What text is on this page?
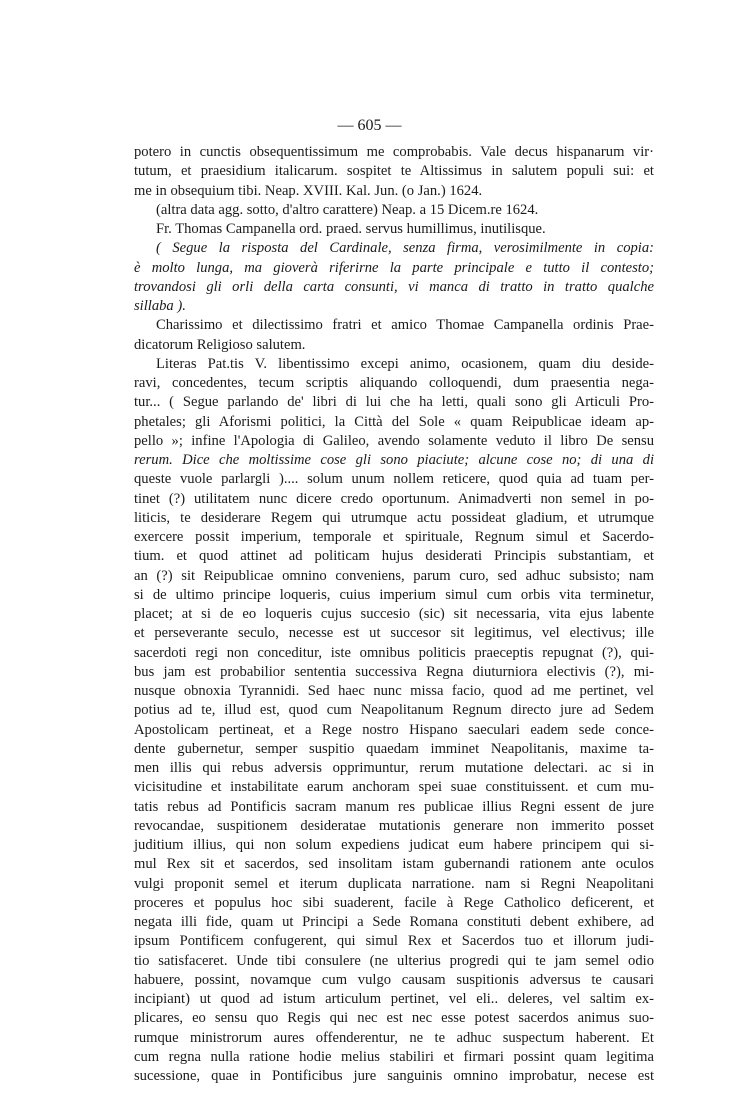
— 605 —
potero in cunctis obsequentissimum me comprobabis. Vale decus hispanarum vir·
tutum, et praesidium italicarum. sospitet te Altissimus in salutem populi sui: et
me in obsequium tibi. Neap. XVIII. Kal. Jun. (o Jan.) 1624.
(altra data agg. sotto, d'altro carattere) Neap. a 15 Dicem.re 1624.
Fr. Thomas Campanella ord. praed. servus humillimus, inutilisque.
( Segue la risposta del Cardinale, senza firma, verosimilmente in copia:
è molto lunga, ma gioverà riferirne la parte principale e tutto il contesto;
trovandosi gli orli della carta consunti, vi manca di tratto in tratto qualche
sillaba ).
Charissimo et dilectissimo fratri et amico Thomae Campanella ordinis Prae-
dicatorum Religioso salutem.
Literas Pat.tis V. libentissimo excepi animo, ocasionem, quam diu deside-
ravi, concedentes, tecum scriptis aliquando colloquendi, dum praesentia nega-
tur... ( Segue parlando de' libri di lui che ha letti, quali sono gli Articuli Pro-
phetales; gli Aforismi politici, la Città del Sole « quam Reipublicae ideam ap-
pello »; infine l'Apologia di Galileo, avendo solamente veduto il libro De sensu
rerum. Dice che moltissime cose gli sono piaciute; alcune cose no; di una di
queste vuole parlargli ).... solum unum nollem reticere, quod quia ad tuam per-
tinet (?) utilitatem nunc dicere credo oportunum. Animadverti non semel in po-
liticis, te desiderare Regem qui utrumque actu possideat gladium, et utrumque
exercere possit imperium, temporale et spirituale, Regnum simul et Sacerdo-
tium. et quod attinet ad politicam hujus desiderati Principis substantiam, et
an (?) sit Reipublicae omnino conveniens, parum curo, sed adhuc subsisto; nam
si de ultimo principe loqueris, cuius imperium simul cum orbis vita terminetur,
placet; at si de eo loqueris cujus succesio (sic) sit necessaria, vita ejus labente
et perseverante seculo, necesse est ut succesor sit legitimus, vel electivus; ille
sacerdoti regi non conceditur, iste omnibus politicis praeceptis repugnat (?), qui-
bus jam est probabilior sententia successiva Regna diuturniora electivis (?), mi-
nusque obnoxia Tyrannidi. Sed haec nunc missa facio, quod ad me pertinet, vel
potius ad te, illud est, quod cum Neapolitanum Regnum directo jure ad Sedem
Apostolicam pertineat, et a Rege nostro Hispano saeculari eadem sede conce-
dente gubernetur, semper suspitio quaedam imminet Neapolitanis, maxime ta-
men illis qui rebus adversis opprimuntur, rerum mutatione delectari. ac si in
vicisitudine et instabilitate earum anchoram spei suae constituissent. et cum mu-
tatis rebus ad Pontificis sacram manum res publicae illius Regni essent de jure
revocandae, suspitionem desideratae mutationis generare non immerito posset
juditium illius, qui non solum expediens judicat eum habere principem qui si-
mul Rex sit et sacerdos, sed insolitam istam gubernandi rationem ante oculos
vulgi proponit semel et iterum duplicata narratione. nam si Regni Neapolitani
proceres et populus hoc sibi suaderent, facile à Rege Catholico deficerent, et
negata illi fide, quam ut Principi a Sede Romana constituti debent exhibere, ad
ipsum Pontificem confugerent, qui simul Rex et Sacerdos tuo et illorum judi-
tio satisfaceret. Unde tibi consulere (ne ulterius progredi qui te jam semel odio
habuere, possint, novamque cum vulgo causam suspitionis adversus te causari
incipiant) ut quod ad istum articulum pertinet, vel eli.. deleres, vel saltim ex-
plicares, eo sensu quo Regis qui nec est nec esse potest sacerdos animus suo-
rumque ministrorum aures offenderentur, ne te adhuc suspectum haberent. Et
cum regna nulla ratione hodie melius stabiliri et firmari possint quam legitima
sucessione, quae in Pontificibus jure sanguinis omnino improbatur, necese est
